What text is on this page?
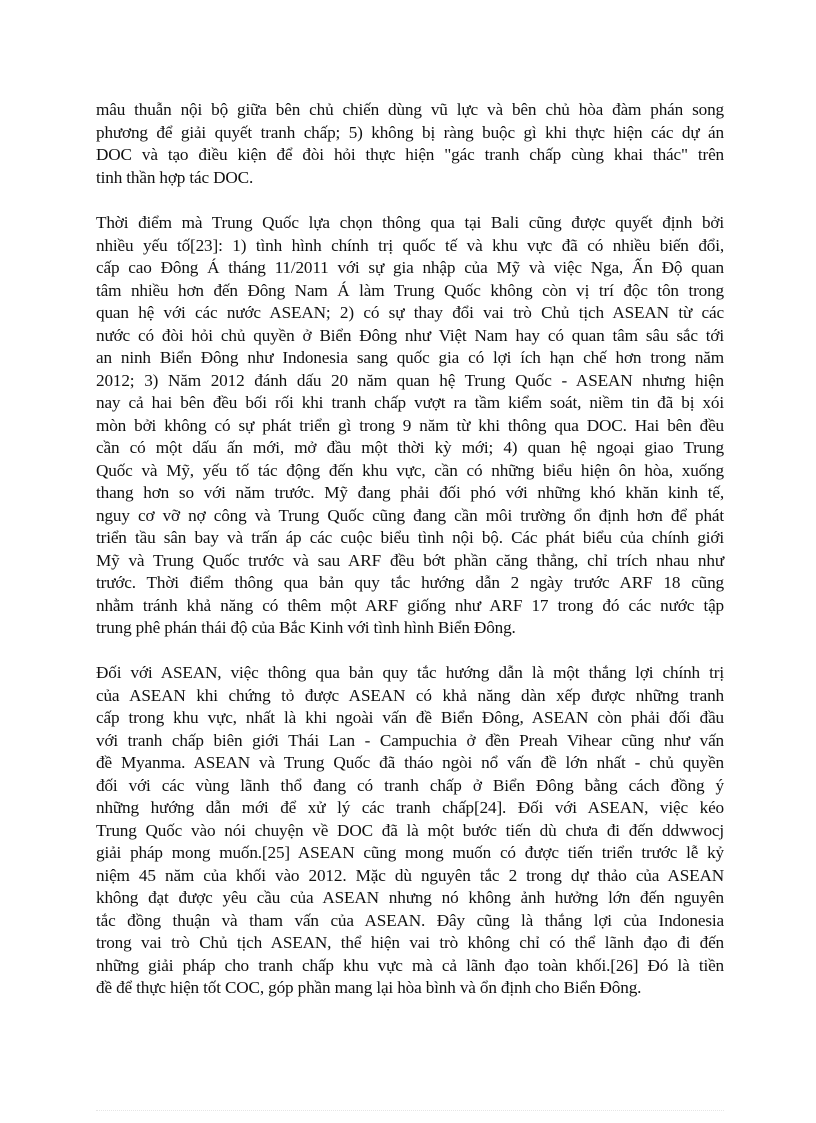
mâu thuẫn nội bộ giữa bên chủ chiến dùng vũ lực và bên chủ hòa đàm phán song
phương để giải quyết tranh chấp; 5) không bị ràng buộc gì khi thực hiện các dự án
DOC và tạo điều kiện để đòi hỏi thực hiện "gác tranh chấp cùng khai thác" trên
tinh thần hợp tác DOC.
Thời điểm mà Trung Quốc lựa chọn thông qua tại Bali cũng được quyết định bởi
nhiều yếu tố[23]: 1) tình hình chính trị quốc tế và khu vực đã có nhiều biến đổi,
cấp cao Đông Á tháng 11/2011 với sự gia nhập của Mỹ và việc Nga, Ấn Độ quan
tâm nhiều hơn đến Đông Nam Á làm Trung Quốc không còn vị trí độc tôn trong
quan hệ với các nước ASEAN; 2) có sự thay đổi vai trò Chủ tịch ASEAN từ các
nước có đòi hỏi chủ quyền ở Biển Đông như Việt Nam hay có quan tâm sâu sắc tới
an ninh Biển Đông như Indonesia sang quốc gia có lợi ích hạn chế hơn trong năm
2012; 3) Năm 2012 đánh dấu 20 năm quan hệ Trung Quốc - ASEAN nhưng hiện
nay cả hai bên đều bối rối khi tranh chấp vượt ra tầm kiểm soát, niềm tin đã bị xói
mòn bởi không có sự phát triển gì trong 9 năm từ khi thông qua DOC. Hai bên đều
cần có một dấu ấn mới, mở đầu một thời kỳ mới; 4) quan hệ ngoại giao Trung
Quốc và Mỹ, yếu tố tác động đến khu vực, cần có những biểu hiện ôn hòa, xuống
thang hơn so với năm trước. Mỹ đang phải đối phó với những khó khăn kinh tế,
nguy cơ vỡ nợ công và Trung Quốc cũng đang cần môi trường ổn định hơn để phát
triển tầu sân bay và trấn áp các cuộc biểu tình nội bộ. Các phát biểu của chính giới
Mỹ và Trung Quốc trước và sau ARF đều bớt phần căng thẳng, chỉ trích nhau như
trước. Thời điểm thông qua bản quy tắc hướng dẫn 2 ngày trước ARF 18 cũng
nhằm tránh khả năng có thêm một ARF giống như ARF 17 trong đó các nước tập
trung phê phán thái độ của Bắc Kinh với tình hình Biển Đông.
Đối với ASEAN, việc thông qua bản quy tắc hướng dẫn là một thắng lợi chính trị
của ASEAN khi chứng tỏ được ASEAN có khả năng dàn xếp được những tranh
cấp trong khu vực, nhất là khi ngoài vấn đề Biển Đông, ASEAN còn phải đối đầu
với tranh chấp biên giới Thái Lan - Campuchia ở đền Preah Vihear cũng như vấn
đề Myanma. ASEAN và Trung Quốc đã tháo ngòi nổ vấn đề lớn nhất - chủ quyền
đối với các vùng lãnh thổ đang có tranh chấp ở Biển Đông bằng cách đồng ý
những hướng dẫn mới để xử lý các tranh chấp[24]. Đối với ASEAN, việc kéo
Trung Quốc vào nói chuyện về DOC đã là một bước tiến dù chưa đi đến ddwwocj
giải pháp mong muốn.[25] ASEAN cũng mong muốn có được tiến triển trước lễ kỷ
niệm 45 năm của khối vào 2012. Mặc dù nguyên tắc 2 trong dự thảo của ASEAN
không đạt được yêu cầu của ASEAN nhưng nó không ảnh hưởng lớn đến nguyên
tắc đồng thuận và tham vấn của ASEAN. Đây cũng là thắng lợi của Indonesia
trong vai trò Chủ tịch ASEAN, thể hiện vai trò không chỉ có thể lãnh đạo đi đến
những giải pháp cho tranh chấp khu vực mà cả lãnh đạo toàn khối.[26] Đó là tiền
đề để thực hiện tốt COC, góp phần mang lại hòa bình và ổn định cho Biển Đông.
